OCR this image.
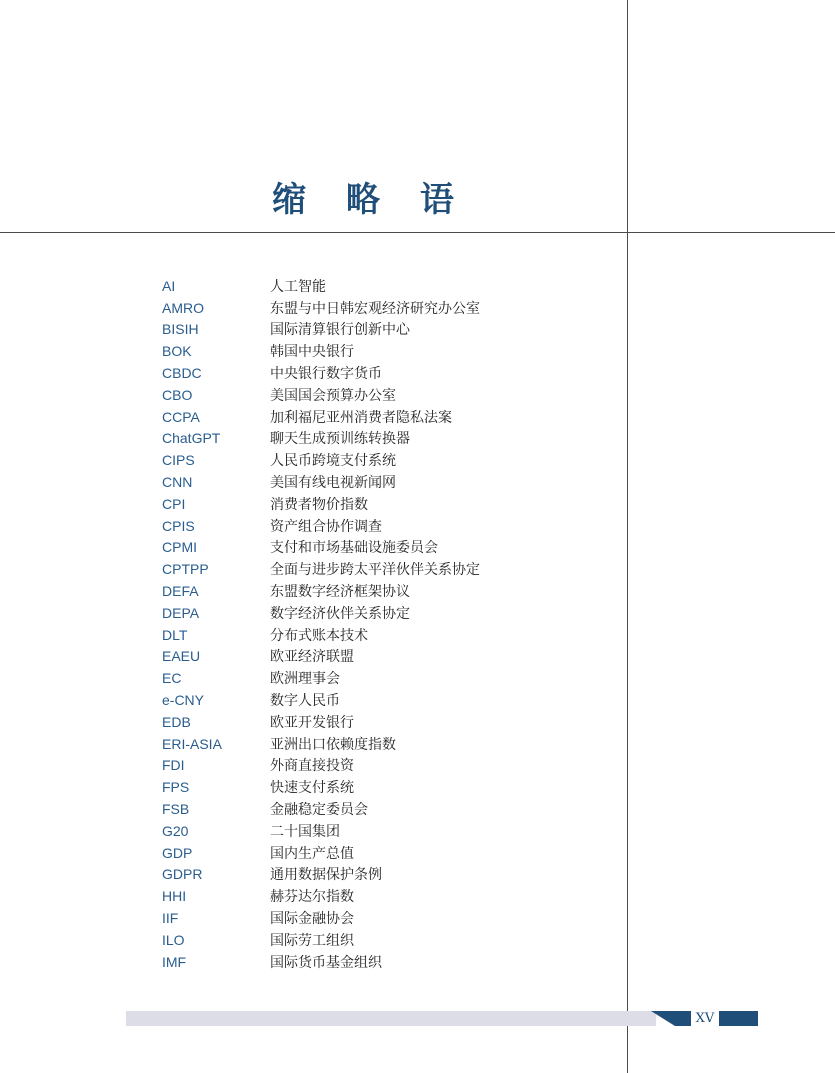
缩 略 语
AI	人工智能
AMRO	东盟与中日韩宏观经济研究办公室
BISIH	国际清算银行创新中心
BOK	韩国中央银行
CBDC	中央银行数字货币
CBO	美国国会预算办公室
CCPA	加利福尼亚州消费者隐私法案
ChatGPT	聊天生成预训练转换器
CIPS	人民币跨境支付系统
CNN	美国有线电视新闻网
CPI	消费者物价指数
CPIS	资产组合协作调查
CPMI	支付和市场基础设施委员会
CPTPP	全面与进步跨太平洋伙伴关系协定
DEFA	东盟数字经济框架协议
DEPA	数字经济伙伴关系协定
DLT	分布式账本技术
EAEU	欧亚经济联盟
EC	欧洲理事会
e-CNY	数字人民币
EDB	欧亚开发银行
ERI-ASIA	亚洲出口依赖度指数
FDI	外商直接投资
FPS	快速支付系统
FSB	金融稳定委员会
G20	二十国集团
GDP	国内生产总值
GDPR	通用数据保护条例
HHI	赫芬达尔指数
IIF	国际金融协会
ILO	国际劳工组织
IMF	国际货币基金组织
XV
